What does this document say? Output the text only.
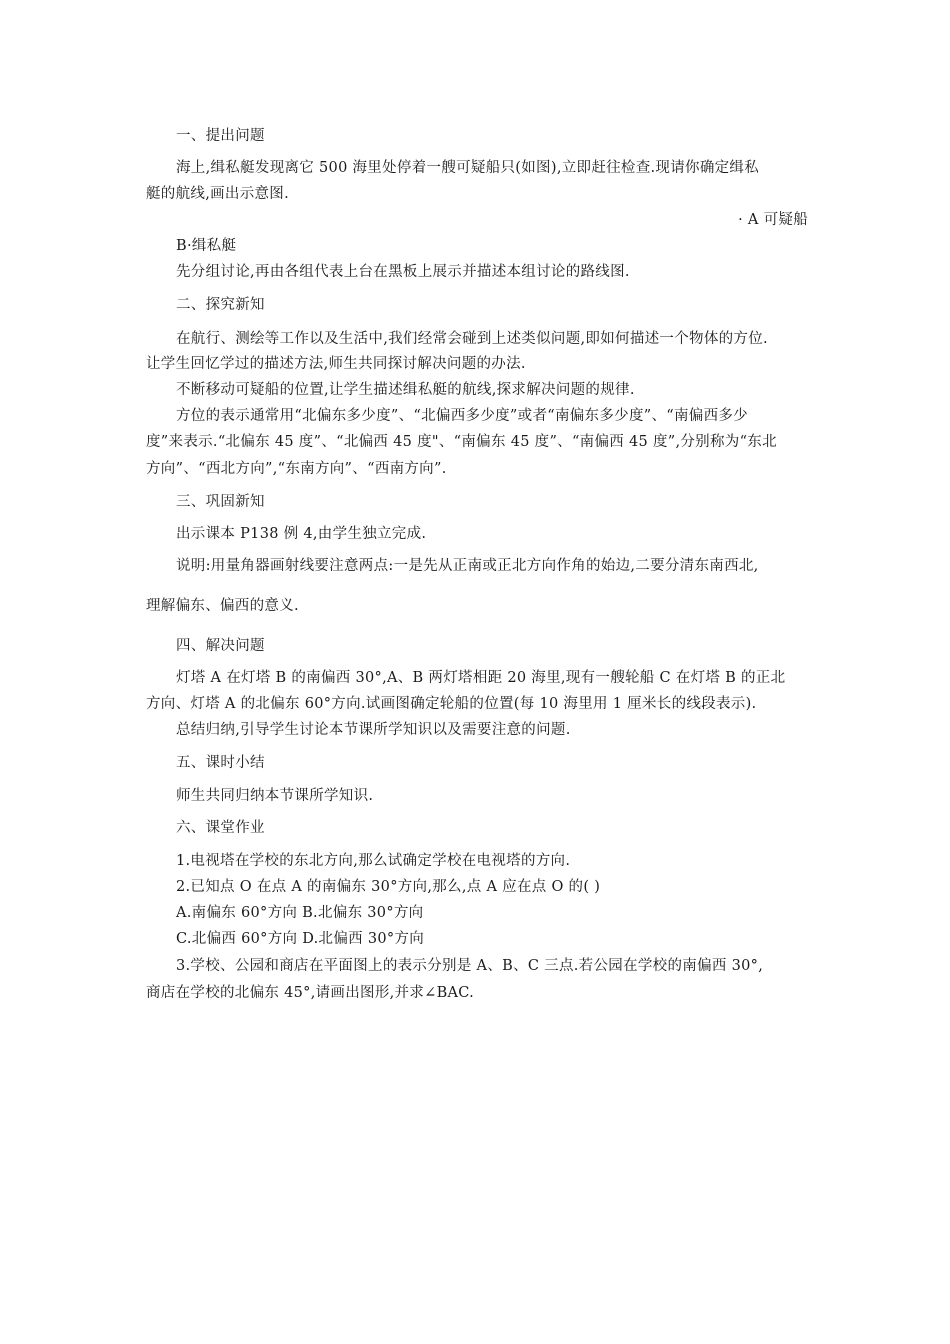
一、提出问题
海上,缉私艇发现离它 500 海里处停着一艘可疑船只(如图),立即赶往检查.现请你确定缉私
艇的航线,画出示意图.
· A 可疑船
B·缉私艇
先分组讨论,再由各组代表上台在黑板上展示并描述本组讨论的路线图.
二、探究新知
在航行、测绘等工作以及生活中,我们经常会碰到上述类似问题,即如何描述一个物体的方位.
让学生回忆学过的描述方法,师生共同探讨解决问题的办法.
不断移动可疑船的位置,让学生描述缉私艇的航线,探求解决问题的规律.
方位的表示通常用“北偏东多少度”、“北偏西多少度”或者“南偏东多少度”、“南偏西多少
度”来表示.“北偏东 45 度”、“北偏西 45 度"、“南偏东 45 度”、“南偏西 45 度”,分别称为“东北
方向”、“西北方向”,“东南方向”、“西南方向”.
三、巩固新知
出示课本 P138 例 4,由学生独立完成.
说明:用量角器画射线要注意两点:一是先从正南或正北方向作角的始边,二要分清东南西北,
理解偏东、偏西的意义.
四、解决问题
灯塔 A 在灯塔 B 的南偏西 30°,A、B 两灯塔相距 20 海里,现有一艘轮船 C 在灯塔 B 的正北
方向、灯塔 A 的北偏东 60°方向.试画图确定轮船的位置(每 10 海里用 1 厘米长的线段表示).
总结归纳,引导学生讨论本节课所学知识以及需要注意的问题.
五、课时小结
师生共同归纳本节课所学知识.
六、课堂作业
1.电视塔在学校的东北方向,那么试确定学校在电视塔的方向.
2.已知点 O 在点 A 的南偏东 30°方向,那么,点 A 应在点 O 的( )
A.南偏东 60°方向 B.北偏东 30°方向
C.北偏西 60°方向 D.北偏西 30°方向
3.学校、公园和商店在平面图上的表示分别是 A、B、C 三点.若公园在学校的南偏西 30°,
商店在学校的北偏东 45°,请画出图形,并求∠BAC.
